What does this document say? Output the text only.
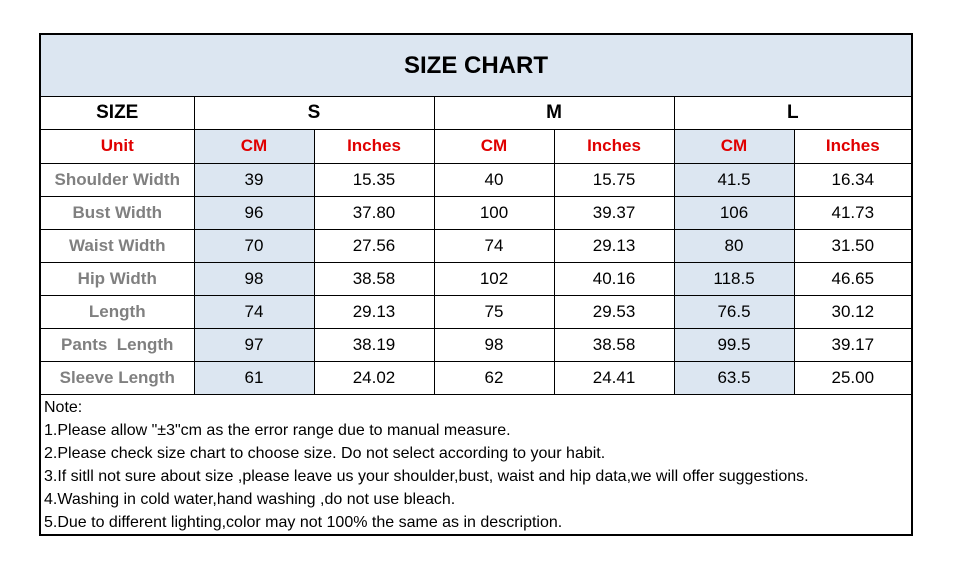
SIZE CHART
SIZE	S		M		L	
Unit	CM	Inches	CM	Inches	CM	Inches
Shoulder Width	39	15.35	40	15.75	41.5	16.34
Bust Width	96	37.80	100	39.37	106	41.73
Waist Width	70	27.56	74	29.13	80	31.50
Hip Width	98	38.58	102	40.16	118.5	46.65
Length	74	29.13	75	29.53	76.5	30.12
Pants  Length	97	38.19	98	38.58	99.5	39.17
Sleeve Length	61	24.02	62	24.41	63.5	25.00
Note:
1.Please allow "±3"cm as the error range due to manual measure.
2.Please check size chart to choose size. Do not select according to your habit.
3.If sitll not sure about size ,please leave us your shoulder,bust, waist and hip data,we will offer suggestions.
4.Washing in cold water,hand washing ,do not use bleach.
5.Due to different lighting,color may not 100% the same as in description.
